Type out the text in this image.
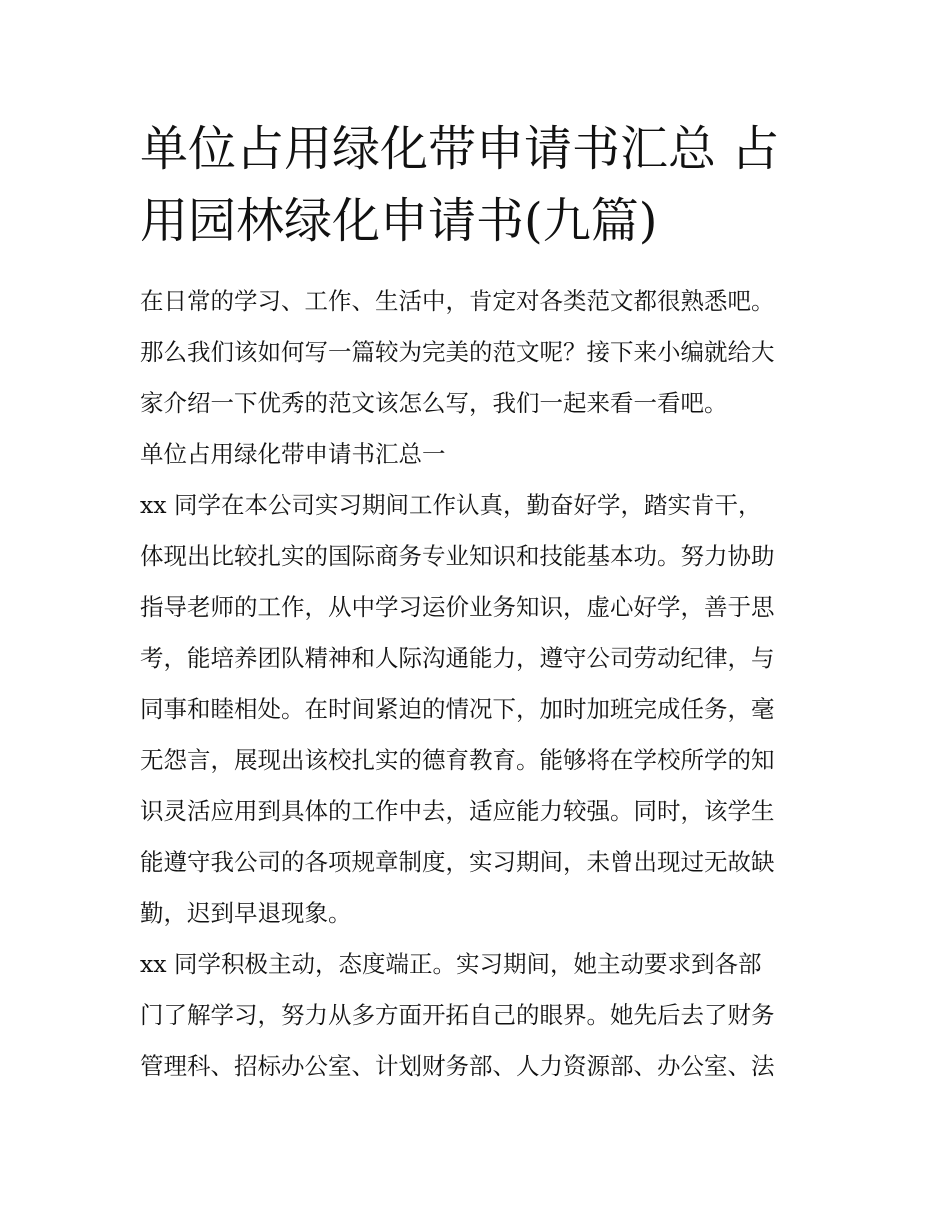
单位占用绿化带申请书汇总 占
用园林绿化申请书(九篇)
在日常的学习、工作、生活中，肯定对各类范文都很熟悉吧。
那么我们该如何写一篇较为完美的范文呢？接下来小编就给大
家介绍一下优秀的范文该怎么写，我们一起来看一看吧。
单位占用绿化带申请书汇总一
xx 同学在本公司实习期间工作认真，勤奋好学，踏实肯干，
体现出比较扎实的国际商务专业知识和技能基本功。努力协助
指导老师的工作，从中学习运价业务知识，虚心好学，善于思
考，能培养团队精神和人际沟通能力，遵守公司劳动纪律，与
同事和睦相处。在时间紧迫的情况下，加时加班完成任务，毫
无怨言，展现出该校扎实的德育教育。能够将在学校所学的知
识灵活应用到具体的工作中去，适应能力较强。同时，该学生
能遵守我公司的各项规章制度，实习期间，未曾出现过无故缺
勤，迟到早退现象。
xx 同学积极主动，态度端正。实习期间，她主动要求到各部
门了解学习，努力从多方面开拓自己的眼界。她先后去了财务
管理科、招标办公室、计划财务部、人力资源部、办公室、法
